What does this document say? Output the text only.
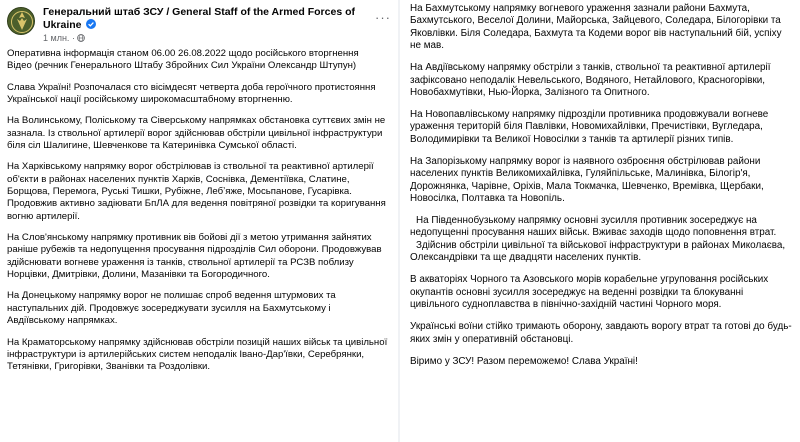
Генеральний штаб ЗСУ / General Staff of the Armed Forces of Ukraine
1 млн. ·
···

Оперативна інформація станом 06.00 26.08.2022 щодо російського вторгнення

Відео (речник Генерального Штабу Збройних Сил України Олександр Штупун)

Слава Україні! Розпочалася сто вісімдесят четверта доба героїчного протистояння Української нації російському широкомасштабному вторгненню.

На Волинському, Поліському та Сіверському напрямках обстановка суттєвих змін не зазнала. Із ствольної артилерії ворог здійснював обстріли цивільної інфраструктури біля сіл Шалигине, Шевченкове та Катеринівка Сумської області.

На Харківському напрямку ворог обстрілював із ствольної та реактивної артилерії об'єкти в районах населених пунктів Харків, Соснівка, Дементіївка, Слатине, Борщова, Перемога, Руські Тишки, Рубіжне, Лебʼяже, Мосьпанове, Гусарівка. Продовжив активно задіювати БпЛА для ведення повітряної розвідки та коригування вогню артилерії.

На Слов'янському напрямку противник вів бойові дії з метою утримання зайнятих раніше рубежів та недопущення просування підрозділів Сил оборони. Продовжував здійснювати вогневе ураження із танків, ствольної артилерії та РСЗВ поблизу Норцівки, Дмитрівки, Долини, Мазанівки та Богородичного.

На Донецькому напрямку ворог не полишає спроб ведення штурмових та наступальних дій. Продовжує зосереджувати зусилля на Бахмутському і Авдіївському напрямках.

На Краматорському напрямку здійснював обстріли позицій наших військ та цивільної інфраструктури із артилерійських систем неподалік Івано-Дар'ївки, Серебрянки, Тетянівки, Григорівки, Званівки та Роздолівки.

На Бахмутському напрямку вогневого ураження зазнали райони Бахмута, Бахмутського, Веселої Долини, Майорська, Зайцевого, Соледара, Білогорівки та Яковлівки. Біля Соледара, Бахмута та Кодеми ворог вів наступальний бій, успіху не мав.

На Авдіївському напрямку обстріли з танків, ствольної та реактивної артилерії зафіксовано неподалік Невельського, Водяного, Нетайлового, Красногорівки, Новобахмутівки, Нью-Йорка, Залізного та Опитного.

На Новопавлівському напрямку підрозділи противника продовжували вогневе ураження територій біля Павлівки, Новомихайлівки, Пречистівки, Вугледара, Володимирівки та Великої Новосілки з танків та артилерії різних типів.

На Запорізькому напрямку ворог із наявного озброєння обстрілював райони населених пунктів Великомихайлівка, Гуляйпільське, Малинівка, Білогір'я, Дорожнянка, Чарівне, Оріхів, Мала Токмачка, Шевченко, Времівка, Щербаки, Новосілка, Полтавка та Новопіль.

На Південнобузькому напрямку основні зусилля противник зосереджує на недопущенні просування наших військ. Вживає заходів щодо поповнення втрат.

Здійснив обстріли цивільної та військової інфраструктури в районах Миколаєва, Олександрівки та ще двадцяти населених пунктів.

В акваторіях Чорного та Азовського морів корабельне угруповання російських окупантів основні зусилля зосереджує на веденні розвідки та блокуванні цивільного судноплавства в північно-західній частині Чорного моря.

Українські воїни стійко тримають оборону, завдають ворогу втрат та готові до будь-яких змін у оперативній обстановці.

Віримо у ЗСУ! Разом переможемо! Слава Україні!
